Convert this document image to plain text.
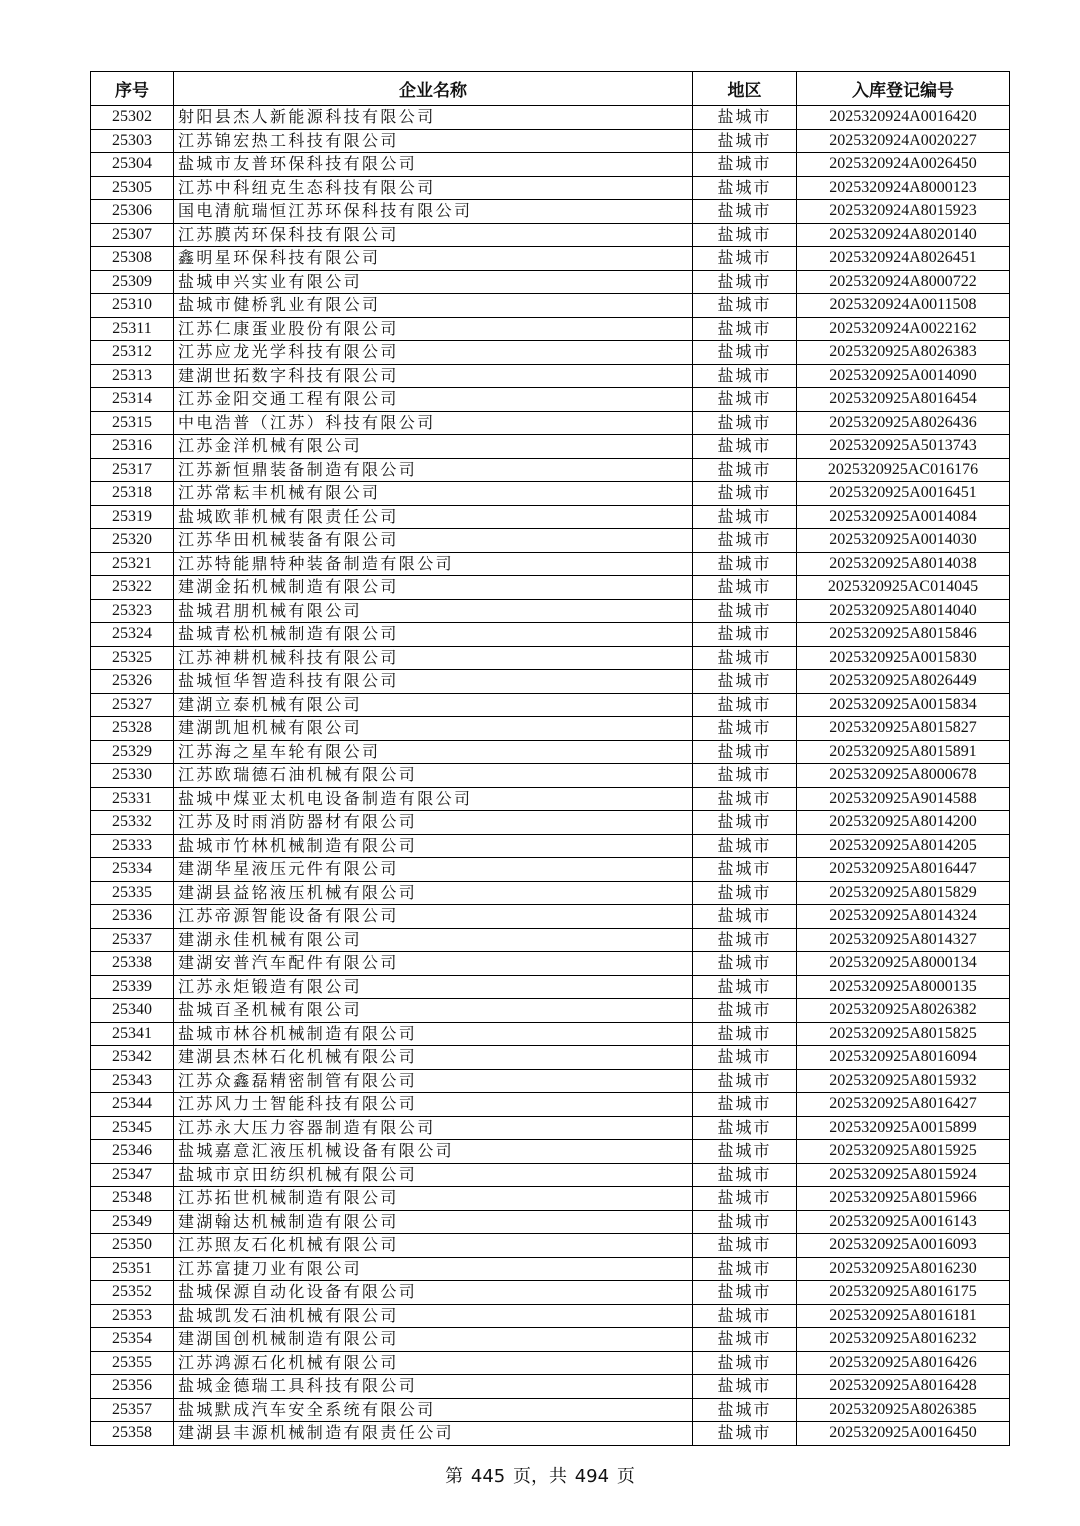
序号	企业名称	地区	入库登记编号
25302	射阳县杰人新能源科技有限公司	盐城市	2025320924A0016420
25303	江苏锦宏热工科技有限公司	盐城市	2025320924A0020227
25304	盐城市友普环保科技有限公司	盐城市	2025320924A0026450
25305	江苏中科纽克生态科技有限公司	盐城市	2025320924A8000123
25306	国电清航瑞恒江苏环保科技有限公司	盐城市	2025320924A8015923
25307	江苏膜芮环保科技有限公司	盐城市	2025320924A8020140
25308	鑫明星环保科技有限公司	盐城市	2025320924A8026451
25309	盐城申兴实业有限公司	盐城市	2025320924A8000722
25310	盐城市健桥乳业有限公司	盐城市	2025320924A0011508
25311	江苏仁康蛋业股份有限公司	盐城市	2025320924A0022162
25312	江苏应龙光学科技有限公司	盐城市	2025320925A8026383
25313	建湖世拓数字科技有限公司	盐城市	2025320925A0014090
25314	江苏金阳交通工程有限公司	盐城市	2025320925A8016454
25315	中电浩普（江苏）科技有限公司	盐城市	2025320925A8026436
25316	江苏金洋机械有限公司	盐城市	2025320925A5013743
25317	江苏新恒鼎装备制造有限公司	盐城市	2025320925AC016176
25318	江苏常耘丰机械有限公司	盐城市	2025320925A0016451
25319	盐城欧菲机械有限责任公司	盐城市	2025320925A0014084
25320	江苏华田机械装备有限公司	盐城市	2025320925A0014030
25321	江苏特能鼎特种装备制造有限公司	盐城市	2025320925A8014038
25322	建湖金拓机械制造有限公司	盐城市	2025320925AC014045
25323	盐城君朋机械有限公司	盐城市	2025320925A8014040
25324	盐城青松机械制造有限公司	盐城市	2025320925A8015846
25325	江苏神耕机械科技有限公司	盐城市	2025320925A0015830
25326	盐城恒华智造科技有限公司	盐城市	2025320925A8026449
25327	建湖立泰机械有限公司	盐城市	2025320925A0015834
25328	建湖凯旭机械有限公司	盐城市	2025320925A8015827
25329	江苏海之星车轮有限公司	盐城市	2025320925A8015891
25330	江苏欧瑞德石油机械有限公司	盐城市	2025320925A8000678
25331	盐城中煤亚太机电设备制造有限公司	盐城市	2025320925A9014588
25332	江苏及时雨消防器材有限公司	盐城市	2025320925A8014200
25333	盐城市竹林机械制造有限公司	盐城市	2025320925A8014205
25334	建湖华星液压元件有限公司	盐城市	2025320925A8016447
25335	建湖县益铭液压机械有限公司	盐城市	2025320925A8015829
25336	江苏帝源智能设备有限公司	盐城市	2025320925A8014324
25337	建湖永佳机械有限公司	盐城市	2025320925A8014327
25338	建湖安普汽车配件有限公司	盐城市	2025320925A8000134
25339	江苏永炬锻造有限公司	盐城市	2025320925A8000135
25340	盐城百圣机械有限公司	盐城市	2025320925A8026382
25341	盐城市林谷机械制造有限公司	盐城市	2025320925A8015825
25342	建湖县杰林石化机械有限公司	盐城市	2025320925A8016094
25343	江苏众鑫磊精密制管有限公司	盐城市	2025320925A8015932
25344	江苏风力士智能科技有限公司	盐城市	2025320925A8016427
25345	江苏永大压力容器制造有限公司	盐城市	2025320925A0015899
25346	盐城嘉意汇液压机械设备有限公司	盐城市	2025320925A8015925
25347	盐城市京田纺织机械有限公司	盐城市	2025320925A8015924
25348	江苏拓世机械制造有限公司	盐城市	2025320925A8015966
25349	建湖翰达机械制造有限公司	盐城市	2025320925A0016143
25350	江苏照友石化机械有限公司	盐城市	2025320925A0016093
25351	江苏富捷刀业有限公司	盐城市	2025320925A8016230
25352	盐城保源自动化设备有限公司	盐城市	2025320925A8016175
25353	盐城凯发石油机械有限公司	盐城市	2025320925A8016181
25354	建湖国创机械制造有限公司	盐城市	2025320925A8016232
25355	江苏鸿源石化机械有限公司	盐城市	2025320925A8016426
25356	盐城金德瑞工具科技有限公司	盐城市	2025320925A8016428
25357	盐城默成汽车安全系统有限公司	盐城市	2025320925A8026385
25358	建湖县丰源机械制造有限责任公司	盐城市	2025320925A0016450
第 445 页，共 494 页
